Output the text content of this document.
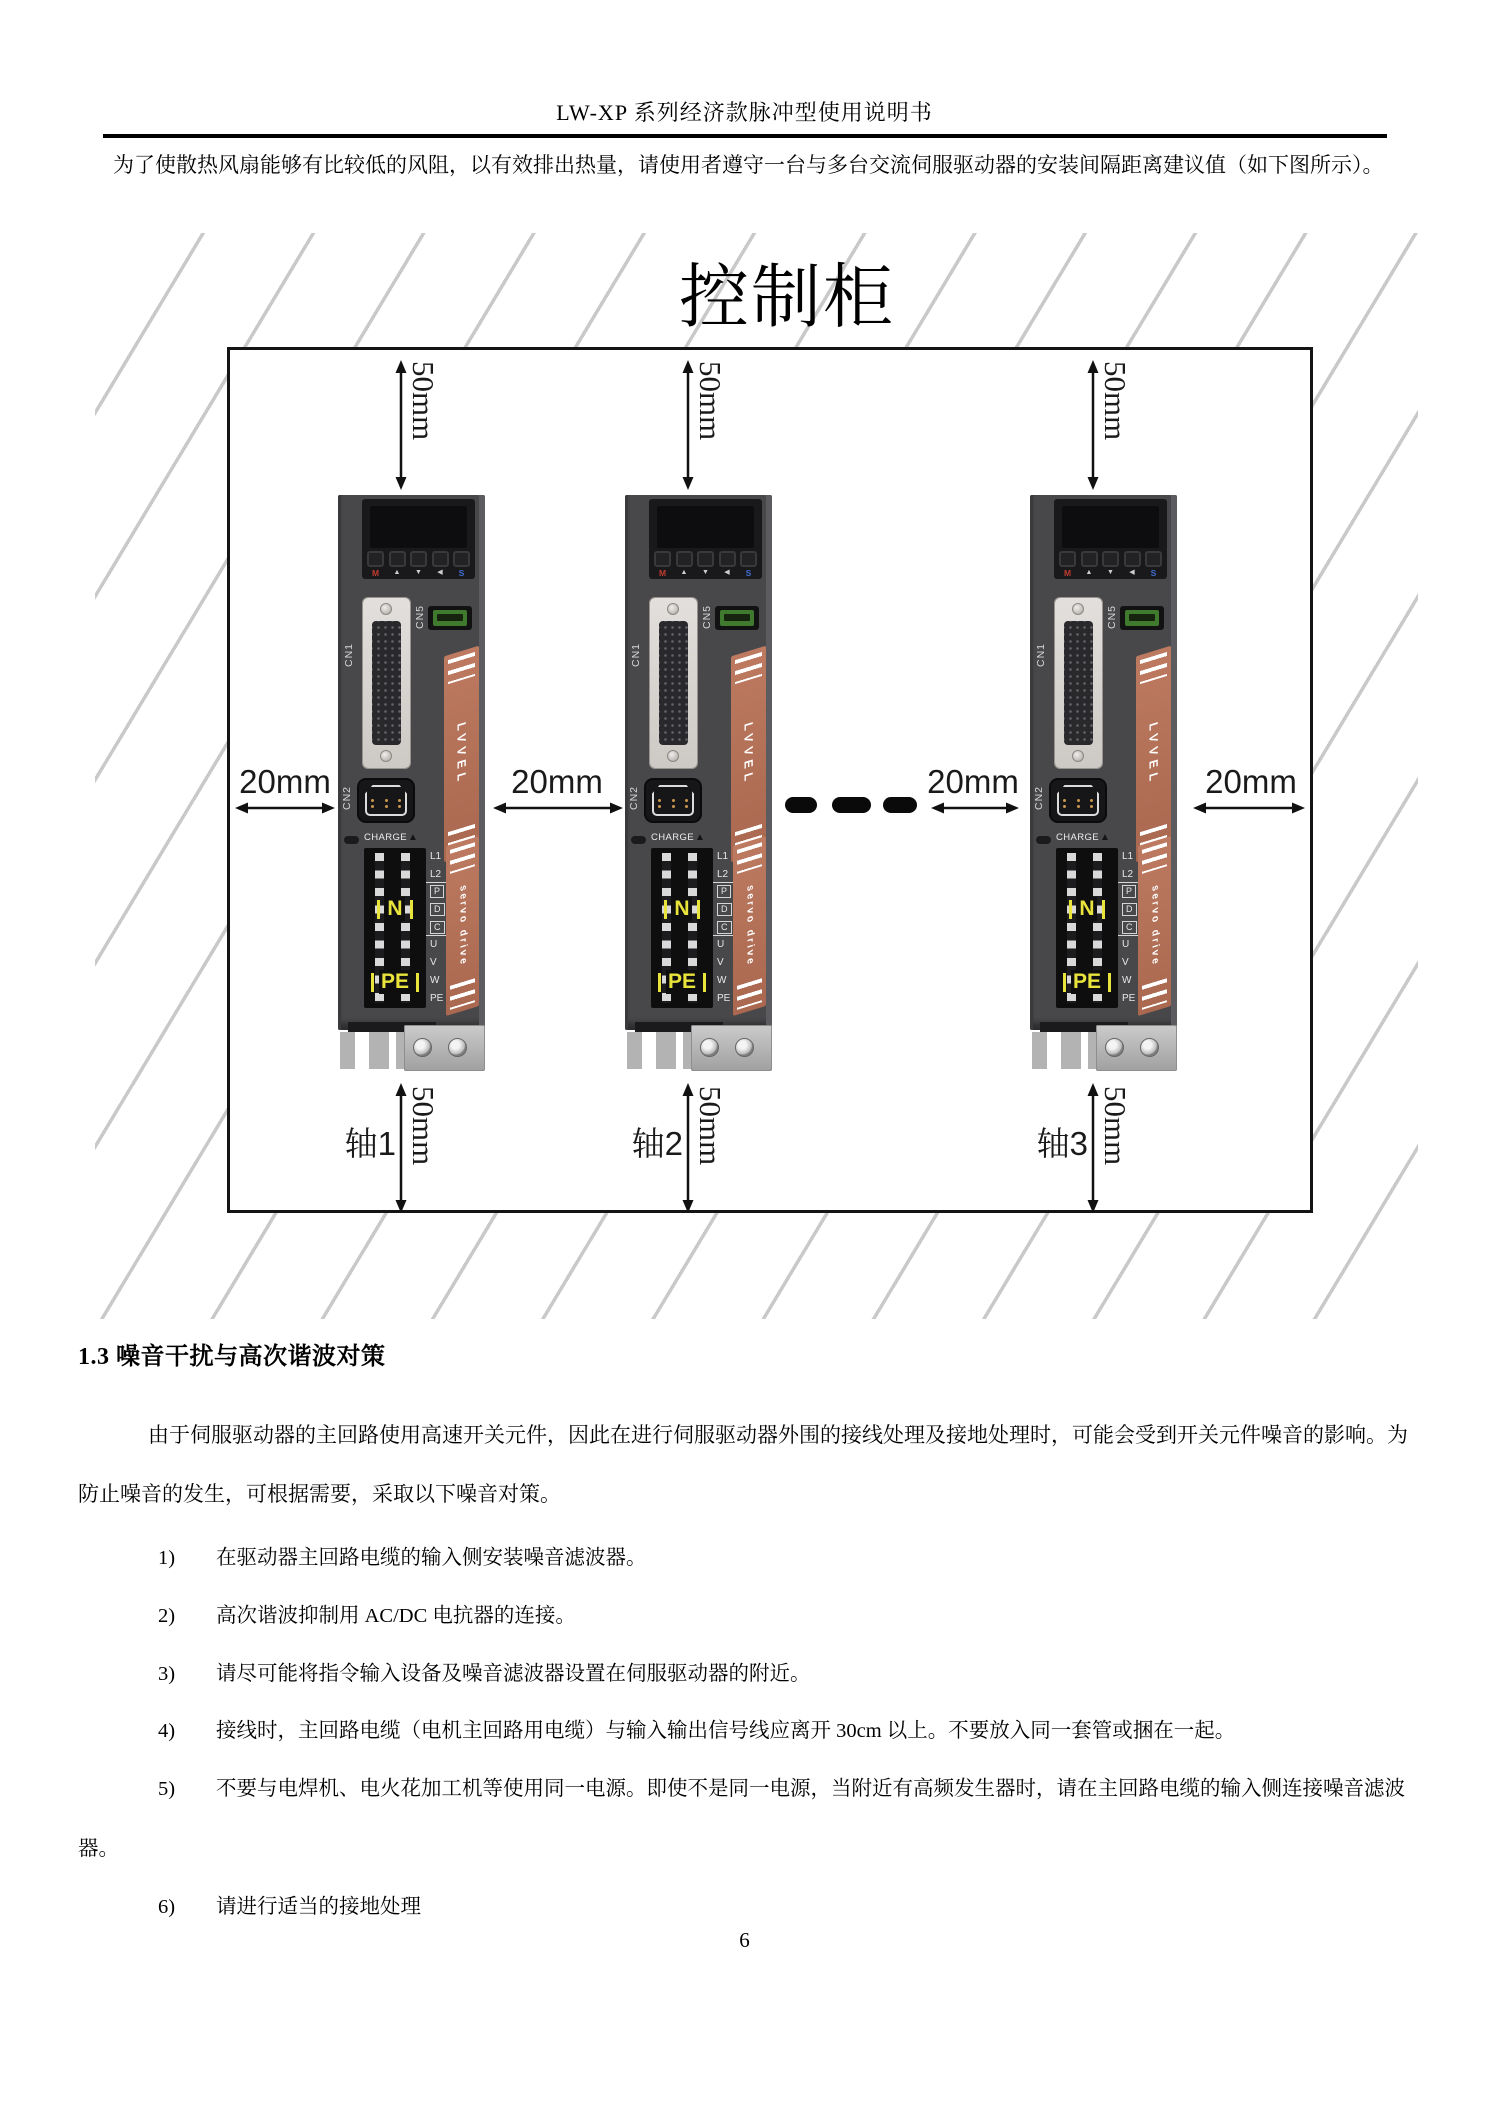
LW-XP 系列经济款脉冲型使用说明书
为了使散热风扇能够有比较低的风阻，以有效排出热量，请使用者遵守一台与多台交流伺服驱动器的安装间隔距离建议值（如下图所示）。
控制柜
50mm	50mm	50mm
M	▲	▼	◀	S
CN1
CN5
LVVEL
CN2
CHARGE ▲
N
PE
L1
L2
P
D
C
U
V
W
PE
servo drive
M	▲	▼	◀	S
CN1
CN5
LVVEL
CN2
CHARGE ▲
N
PE
L1
L2
P
D
C
U
V
W
PE
servo drive
M	▲	▼	◀	S
CN1
CN5
LVVEL
CN2
CHARGE ▲
N
PE
L1
L2
P
D
C
U
V
W
PE
servo drive
20mm	20mm	20mm	20mm
轴1 50mm	轴2 50mm	轴3 50mm
1.3 噪音干扰与高次谐波对策
由于伺服驱动器的主回路使用高速开关元件，因此在进行伺服驱动器外围的接线处理及接地处理时，可能会受到开关元件噪音的影响。为防止噪音的发生，可根据需要，采取以下噪音对策。
1) 在驱动器主回路电缆的输入侧安装噪音滤波器。
2) 高次谐波抑制用 AC/DC 电抗器的连接。
3) 请尽可能将指令输入设备及噪音滤波器设置在伺服驱动器的附近。
4) 接线时，主回路电缆（电机主回路用电缆）与输入输出信号线应离开 30cm 以上。不要放入同一套管或捆在一起。
5) 不要与电焊机、电火花加工机等使用同一电源。即使不是同一电源，当附近有高频发生器时，请在主回路电缆的输入侧连接噪音滤波器。
6) 请进行适当的接地处理
6
